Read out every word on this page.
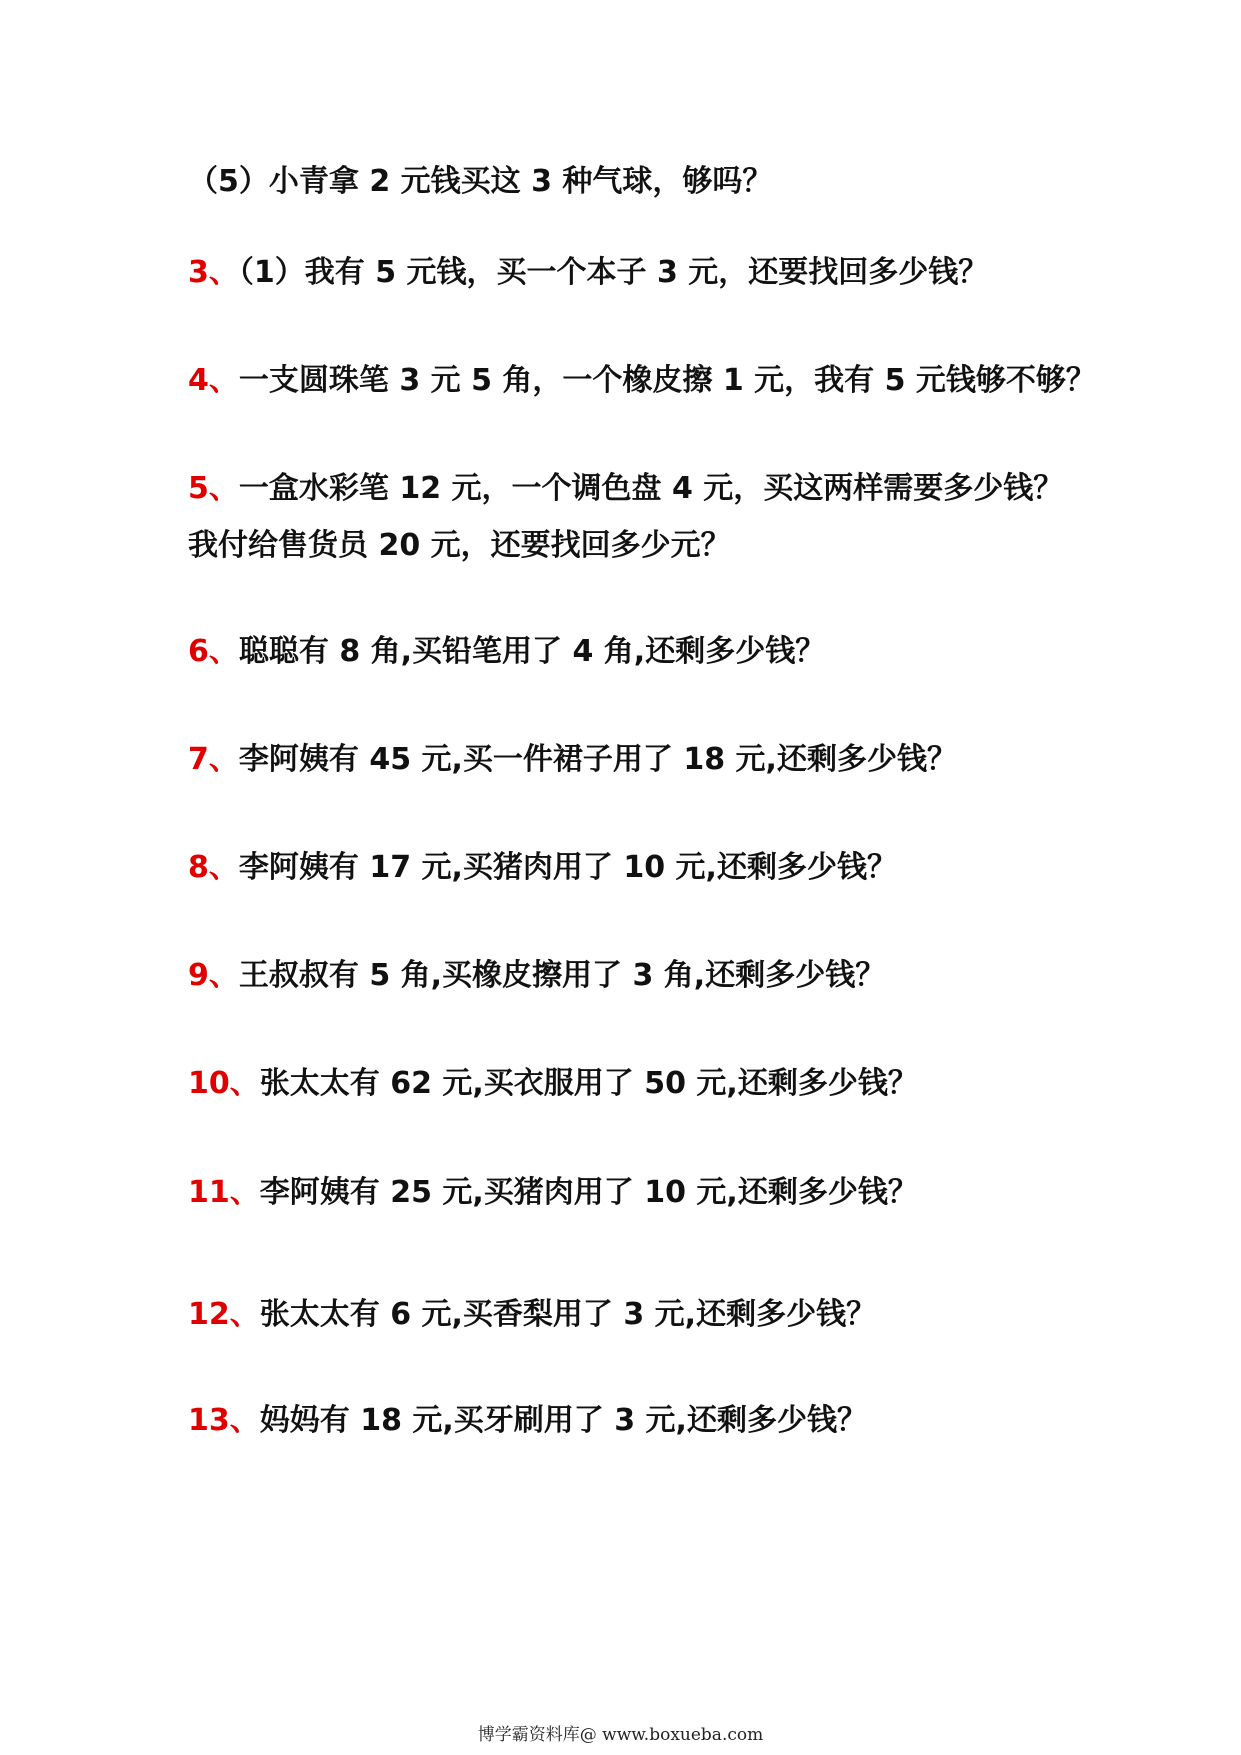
（5）小青拿 2 元钱买这 3 种气球，够吗？

3、（1）我有 5 元钱，买一个本子 3 元，还要找回多少钱？

4、一支圆珠笔 3 元 5 角，一个橡皮擦 1 元，我有 5 元钱够不够？

5、一盒水彩笔 12 元，一个调色盘 4 元，买这两样需要多少钱？

我付给售货员 20 元，还要找回多少元？

6、聪聪有 8 角,买铅笔用了 4 角,还剩多少钱？

7、李阿姨有 45 元,买一件裙子用了 18 元,还剩多少钱？

8、李阿姨有 17 元,买猪肉用了 10 元,还剩多少钱？

9、王叔叔有 5 角,买橡皮擦用了 3 角,还剩多少钱？

10、张太太有 62 元,买衣服用了 50 元,还剩多少钱？

11、李阿姨有 25 元,买猪肉用了 10 元,还剩多少钱？

12、张太太有 6 元,买香梨用了 3 元,还剩多少钱？

13、妈妈有 18 元,买牙刷用了 3 元,还剩多少钱？

博学霸资料库@ www.boxueba.com
